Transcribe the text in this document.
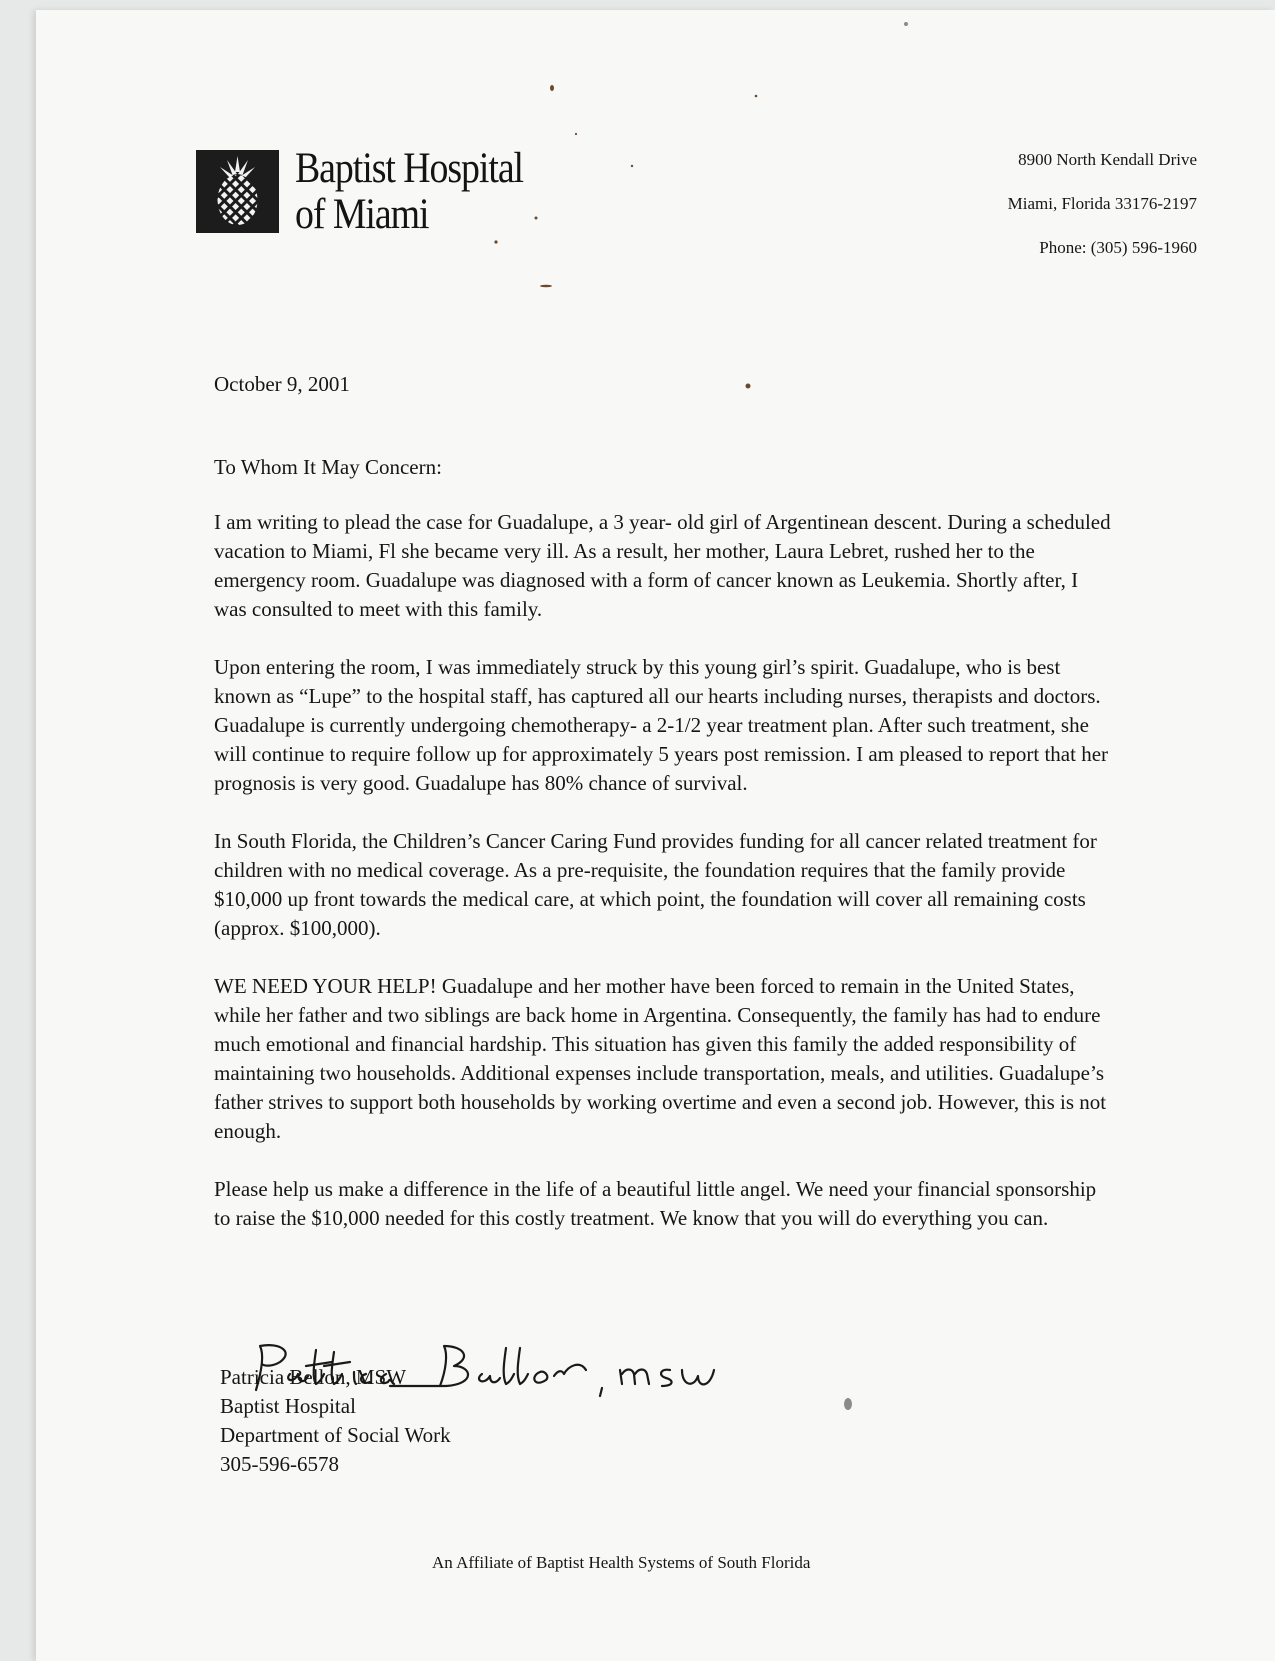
Baptist Hospital
of Miami
8900 North Kendall Drive
Miami, Florida 33176-2197
Phone: (305) 596-1960
October 9, 2001
To Whom It May Concern:

I am writing to plead the case for Guadalupe, a 3 year- old girl of Argentinean descent. During a scheduled vacation to Miami, Fl she became very ill. As a result, her mother, Laura Lebret, rushed her to the emergency room. Guadalupe was diagnosed with a form of cancer known as Leukemia. Shortly after, I was consulted to meet with this family.

Upon entering the room, I was immediately struck by this young girl’s spirit. Guadalupe, who is best known as “Lupe” to the hospital staff, has captured all our hearts including nurses, therapists and doctors. Guadalupe is currently undergoing chemotherapy- a 2-1/2 year treatment plan. After such treatment, she will continue to require follow up for approximately 5 years post remission. I am pleased to report that her prognosis is very good. Guadalupe has 80% chance of survival.

In South Florida, the Children’s Cancer Caring Fund provides funding for all cancer related treatment for children with no medical coverage. As a pre-requisite, the foundation requires that the family provide $10,000 up front towards the medical care, at which point, the foundation will cover all remaining costs (approx. $100,000).

WE NEED YOUR HELP! Guadalupe and her mother have been forced to remain in the United States, while her father and two siblings are back home in Argentina. Consequently, the family has had to endure much emotional and financial hardship. This situation has given this family the added responsibility of maintaining two households. Additional expenses include transportation, meals, and utilities. Guadalupe’s father strives to support both households by working overtime and even a second job. However, this is not enough.

Please help us make a difference in the life of a beautiful little angel. We need your financial sponsorship to raise the $10,000 needed for this costly treatment. We know that you will do everything you can.

Patricia Bellon, MSW
Baptist Hospital
Department of Social Work
305-596-6578
An Affiliate of Baptist Health Systems of South Florida
